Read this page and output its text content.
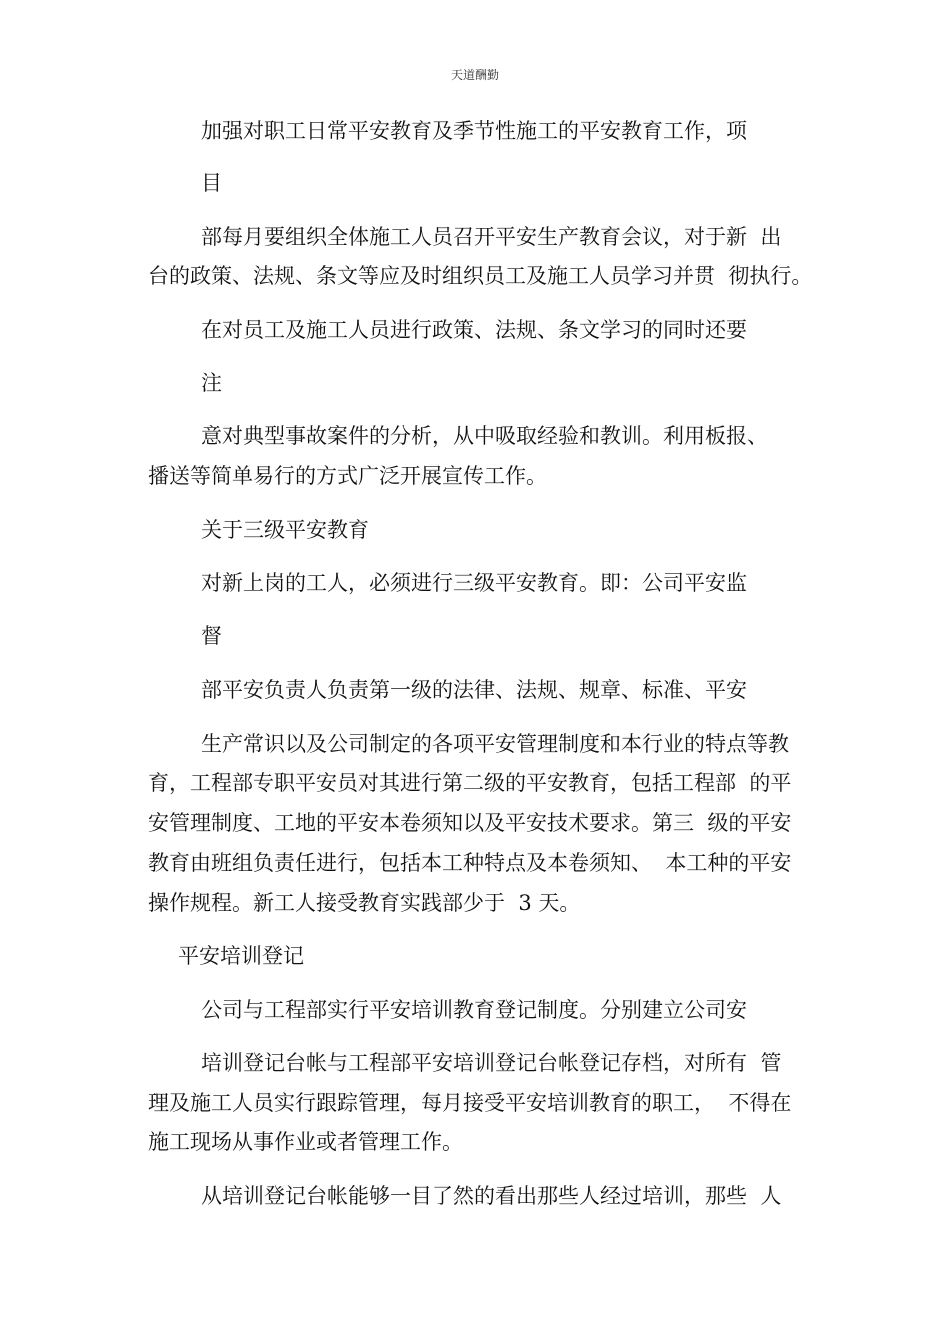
天道酬勤
加强对职工日常平安教育及季节性施工的平安教育工作，项
目
部每月要组织全体施工人员召开平安生产教育会议，对于新  出
台的政策、法规、条文等应及时组织员工及施工人员学习并贯  彻执行。
在对员工及施工人员进行政策、法规、条文学习的同时还要
注
意对典型事故案件的分析，从中吸取经验和教训。利用板报、
播送等简单易行的方式广泛开展宣传工作。
关于三级平安教育
对新上岗的工人，必须进行三级平安教育。即：公司平安监
督
部平安负责人负责第一级的法律、法规、规章、标准、平安
生产常识以及公司制定的各项平安管理制度和本行业的特点等教
育，工程部专职平安员对其进行第二级的平安教育，包括工程部  的平
安管理制度、工地的平安本卷须知以及平安技术要求。第三  级的平安
教育由班组负责任进行，包括本工种特点及本卷须知、  本工种的平安
操作规程。新工人接受教育实践部少于  3 天。
平安培训登记
公司与工程部实行平安培训教育登记制度。分别建立公司安
培训登记台帐与工程部平安培训登记台帐登记存档，对所有  管
理及施工人员实行跟踪管理，每月接受平安培训教育的职工，  不得在
施工现场从事作业或者管理工作。
从培训登记台帐能够一目了然的看出那些人经过培训，那些  人
